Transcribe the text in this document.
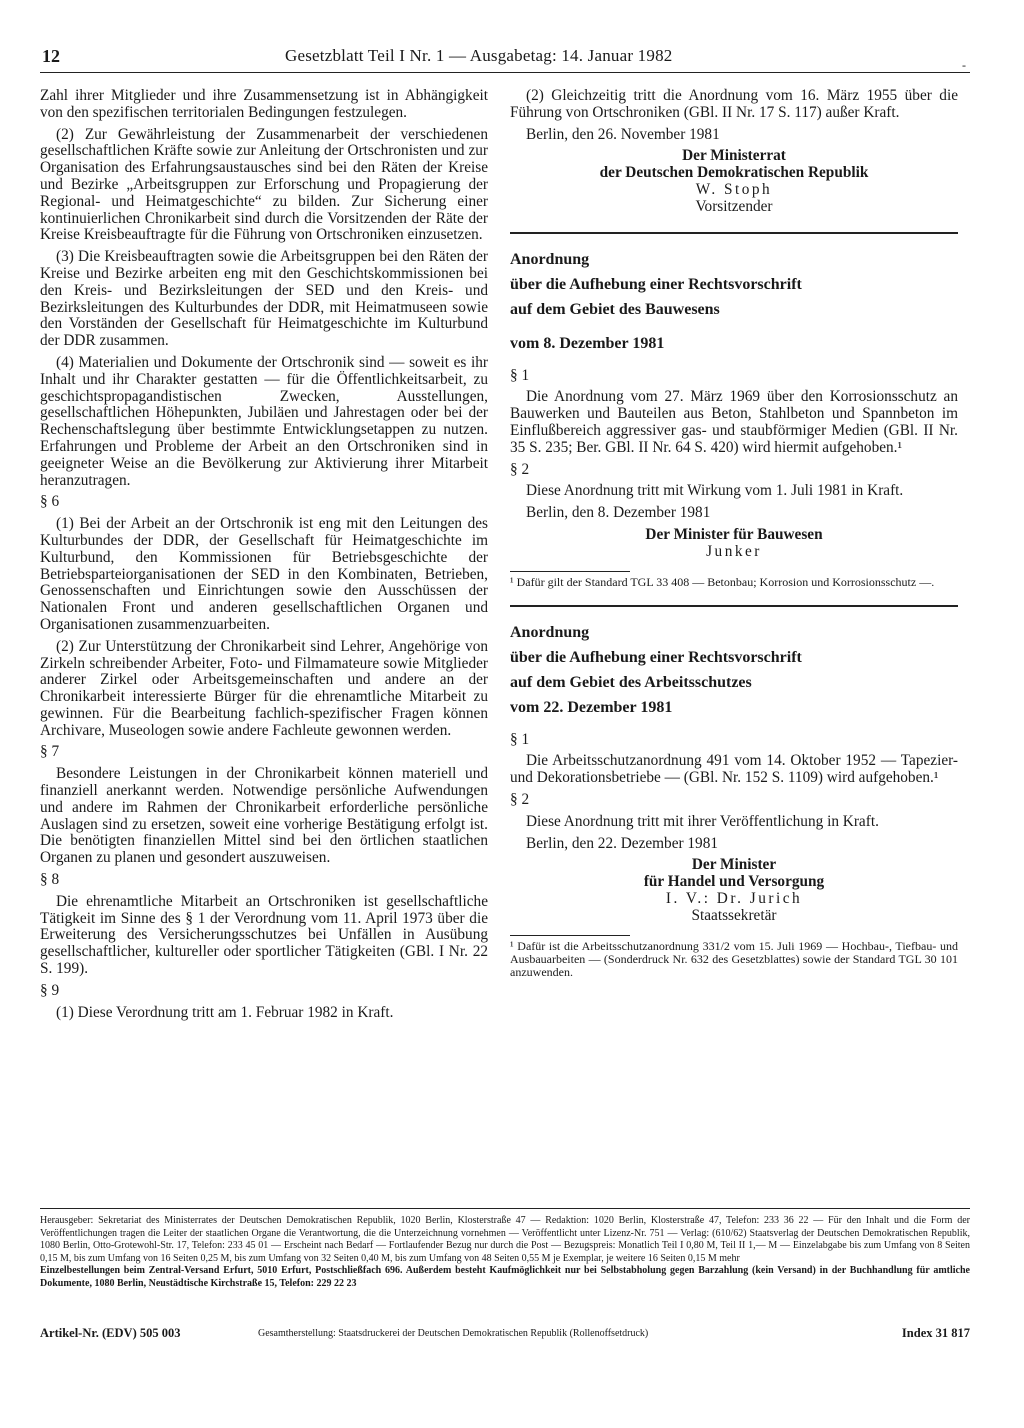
12	Gesetzblatt Teil I Nr. 1 — Ausgabetag: 14. Januar 1982	-

Zahl ihrer Mitglieder und ihre Zusammensetzung ist in Abhängigkeit von den spezifischen territorialen Bedingungen festzulegen.

(2) Zur Gewährleistung der Zusammenarbeit der verschiedenen gesellschaftlichen Kräfte sowie zur Anleitung der Ortschronisten und zur Organisation des Erfahrungsaustausches sind bei den Räten der Kreise und Bezirke „Arbeitsgruppen zur Erforschung und Propagierung der Regional- und Heimatgeschichte“ zu bilden. Zur Sicherung einer kontinuierlichen Chronikarbeit sind durch die Vorsitzenden der Räte der Kreise Kreisbeauftragte für die Führung von Ortschroniken einzusetzen.

(3) Die Kreisbeauftragten sowie die Arbeitsgruppen bei den Räten der Kreise und Bezirke arbeiten eng mit den Geschichtskommissionen bei den Kreis- und Bezirksleitungen der SED und den Kreis- und Bezirksleitungen des Kulturbundes der DDR, mit Heimatmuseen sowie den Vorständen der Gesellschaft für Heimatgeschichte im Kulturbund der DDR zusammen.

(4) Materialien und Dokumente der Ortschronik sind — soweit es ihr Inhalt und ihr Charakter gestatten — für die Öffentlichkeitsarbeit, zu geschichtspropagandistischen Zwecken, Ausstellungen, gesellschaftlichen Höhepunkten, Jubiläen und Jahrestagen oder bei der Rechenschaftslegung über bestimmte Entwicklungsetappen zu nutzen. Erfahrungen und Probleme der Arbeit an den Ortschroniken sind in geeigneter Weise an die Bevölkerung zur Aktivierung ihrer Mitarbeit heranzutragen.

§ 6

(1) Bei der Arbeit an der Ortschronik ist eng mit den Leitungen des Kulturbundes der DDR, der Gesellschaft für Heimatgeschichte im Kulturbund, den Kommissionen für Betriebsgeschichte der Betriebsparteiorganisationen der SED in den Kombinaten, Betrieben, Genossenschaften und Einrichtungen sowie den Ausschüssen der Nationalen Front und anderen gesellschaftlichen Organen und Organisationen zusammenzuarbeiten.

(2) Zur Unterstützung der Chronikarbeit sind Lehrer, Angehörige von Zirkeln schreibender Arbeiter, Foto- und Filmamateure sowie Mitglieder anderer Zirkel oder Arbeitsgemeinschaften und andere an der Chronikarbeit interessierte Bürger für die ehrenamtliche Mitarbeit zu gewinnen. Für die Bearbeitung fachlich-spezifischer Fragen können Archivare, Museologen sowie andere Fachleute gewonnen werden.

§ 7

Besondere Leistungen in der Chronikarbeit können materiell und finanziell anerkannt werden. Notwendige persönliche Aufwendungen und andere im Rahmen der Chronikarbeit erforderliche persönliche Auslagen sind zu ersetzen, soweit eine vorherige Bestätigung erfolgt ist. Die benötigten finanziellen Mittel sind bei den örtlichen staatlichen Organen zu planen und gesondert auszuweisen.

§ 8

Die ehrenamtliche Mitarbeit an Ortschroniken ist gesellschaftliche Tätigkeit im Sinne des § 1 der Verordnung vom 11. April 1973 über die Erweiterung des Versicherungsschutzes bei Unfällen in Ausübung gesellschaftlicher, kultureller oder sportlicher Tätigkeiten (GBl. I Nr. 22 S. 199).

§ 9

(1) Diese Verordnung tritt am 1. Februar 1982 in Kraft.

(2) Gleichzeitig tritt die Anordnung vom 16. März 1955 über die Führung von Ortschroniken (GBl. II Nr. 17 S. 117) außer Kraft.

Berlin, den 26. November 1981

Der Ministerrat
der Deutschen Demokratischen Republik
W. Stoph
Vorsitzender

Anordnung

über die Aufhebung einer Rechtsvorschrift

auf dem Gebiet des Bauwesens

vom 8. Dezember 1981

§ 1

Die Anordnung vom 27. März 1969 über den Korrosionsschutz an Bauwerken und Bauteilen aus Beton, Stahlbeton und Spannbeton im Einflußbereich aggressiver gas- und staubförmiger Medien (GBl. II Nr. 35 S. 235; Ber. GBl. II Nr. 64 S. 420) wird hiermit aufgehoben.¹

§ 2

Diese Anordnung tritt mit Wirkung vom 1. Juli 1981 in Kraft.

Berlin, den 8. Dezember 1981

Der Minister für Bauwesen
Junker

¹ Dafür gilt der Standard TGL 33 408 — Betonbau; Korrosion und Korrosionsschutz —.

Anordnung

über die Aufhebung einer Rechtsvorschrift

auf dem Gebiet des Arbeitsschutzes

vom 22. Dezember 1981

§ 1

Die Arbeitsschutzanordnung 491 vom 14. Oktober 1952 — Tapezier- und Dekorationsbetriebe — (GBl. Nr. 152 S. 1109) wird aufgehoben.¹

§ 2

Diese Anordnung tritt mit ihrer Veröffentlichung in Kraft.

Berlin, den 22. Dezember 1981

Der Minister
für Handel und Versorgung
I. V.: Dr. Jurich
Staatssekretär

¹ Dafür ist die Arbeitsschutzanordnung 331/2 vom 15. Juli 1969 — Hochbau-, Tiefbau- und Ausbauarbeiten — (Sonderdruck Nr. 632 des Gesetzblattes) sowie der Standard TGL 30 101 anzuwenden.

Herausgeber: Sekretariat des Ministerrates der Deutschen Demokratischen Republik, 1020 Berlin, Klosterstraße 47 — Redaktion: 1020 Berlin, Klosterstraße 47, Telefon: 233 36 22 — Für den Inhalt und die Form der Veröffentlichungen tragen die Leiter der staatlichen Organe die Verantwortung, die die Unterzeichnung vornehmen — Veröffentlicht unter Lizenz-Nr. 751 — Verlag: (610/62) Staatsverlag der Deutschen Demokratischen Republik, 1080 Berlin, Otto-Grotewohl-Str. 17, Telefon: 233 45 01 — Erscheint nach Bedarf — Fortlaufender Bezug nur durch die Post — Bezugspreis: Monatlich Teil I 0,80 M, Teil II 1,— M — Einzelabgabe bis zum Umfang von 8 Seiten 0,15 M, bis zum Umfang von 16 Seiten 0,25 M, bis zum Umfang von 32 Seiten 0,40 M, bis zum Umfang von 48 Seiten 0,55 M je Exemplar, je weitere 16 Seiten 0,15 M mehr

Einzelbestellungen beim Zentral-Versand Erfurt, 5010 Erfurt, Postschließfach 696. Außerdem besteht Kaufmöglichkeit nur bei Selbstabholung gegen Barzahlung (kein Versand) in der Buchhandlung für amtliche Dokumente, 1080 Berlin, Neustädtische Kirchstraße 15, Telefon: 229 22 23

Artikel-Nr. (EDV) 505 003	Gesamtherstellung: Staatsdruckerei der Deutschen Demokratischen Republik (Rollenoffsetdruck)	Index 31 817
